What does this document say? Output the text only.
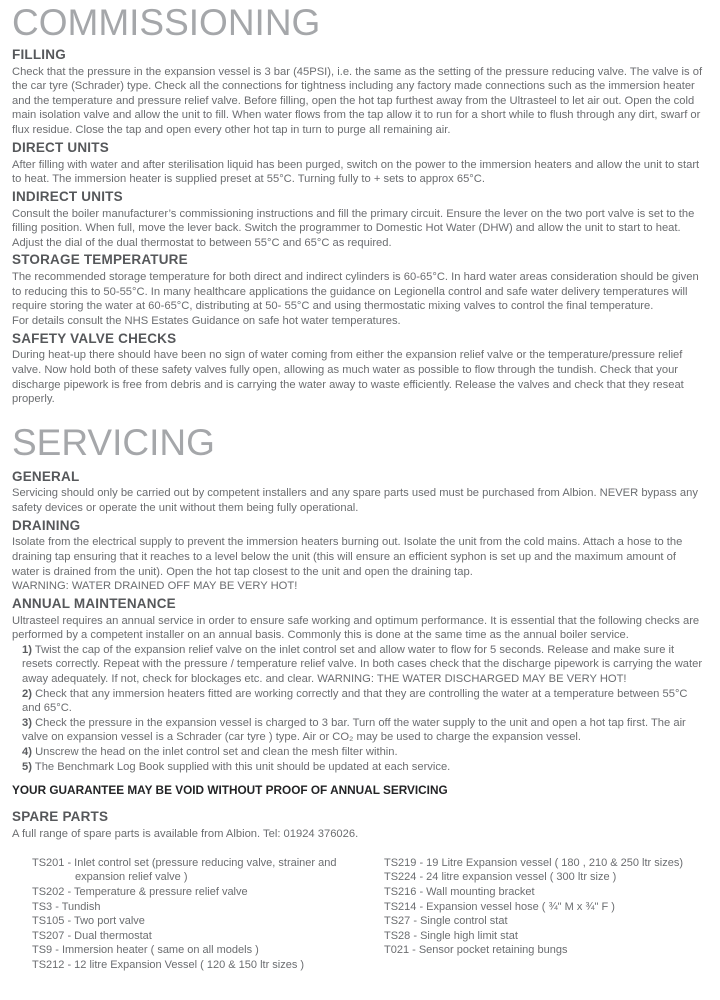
COMMISSIONING
FILLING

Check that the pressure in the expansion vessel is 3 bar (45PSI), i.e. the same as the setting of the pressure reducing valve. The valve is of the car tyre (Schrader) type. Check all the connections for tightness including any factory made connections such as the immersion heater and the temperature and pressure relief valve. Before filling, open the hot tap furthest away from the Ultrasteel to let air out. Open the cold main isolation valve and allow the unit to fill. When water flows from the tap allow it to run for a short while to flush through any dirt, swarf or flux residue. Close the tap and open every other hot tap in turn to purge all remaining air.

DIRECT UNITS

After filling with water and after sterilisation liquid has been purged, switch on the power to the immersion heaters and allow the unit to start to heat. The immersion heater is supplied preset at 55°C. Turning fully to + sets to approx 65°C.

INDIRECT UNITS

Consult the boiler manufacturer’s commissioning instructions and fill the primary circuit. Ensure the lever on the two port valve is set to the filling position. When full, move the lever back. Switch the programmer to Domestic Hot Water (DHW) and allow the unit to start to heat. Adjust the dial of the dual thermostat to between 55°C and 65°C as required.

STORAGE TEMPERATURE

The recommended storage temperature for both direct and indirect cylinders is 60-65°C. In hard water areas consideration should be given to reducing this to 50-55°C. In many healthcare applications the guidance on Legionella control and safe water delivery temperatures will require storing the water at 60-65°C, distributing at 50- 55°C and using thermostatic mixing valves to control the final temperature.

For details consult the NHS Estates Guidance on safe hot water temperatures.

SAFETY VALVE CHECKS

During heat-up there should have been no sign of water coming from either the expansion relief valve or the temperature/pressure relief valve. Now hold both of these safety valves fully open, allowing as much water as possible to flow through the tundish. Check that your discharge pipework is free from debris and is carrying the water away to waste efficiently. Release the valves and check that they reseat properly.

SERVICING
GENERAL

Servicing should only be carried out by competent installers and any spare parts used must be purchased from Albion. NEVER bypass any safety devices or operate the unit without them being fully operational.

DRAINING

Isolate from the electrical supply to prevent the immersion heaters burning out. Isolate the unit from the cold mains. Attach a hose to the draining tap ensuring that it reaches to a level below the unit (this will ensure an efficient syphon is set up and the maximum amount of water is drained from the unit). Open the hot tap closest to the unit and open the draining tap.

WARNING: WATER DRAINED OFF MAY BE VERY HOT!

ANNUAL MAINTENANCE

Ultrasteel requires an annual service in order to ensure safe working and optimum performance. It is essential that the following checks are performed by a competent installer on an annual basis. Commonly this is done at the same time as the annual boiler service.

1) Twist the cap of the expansion relief valve on the inlet control set and allow water to flow for 5 seconds. Release and make sure it resets correctly. Repeat with the pressure / temperature relief valve. In both cases check that the discharge pipework is carrying the water away adequately. If not, check for blockages etc. and clear. WARNING: THE WATER DISCHARGED MAY BE VERY HOT!

2) Check that any immersion heaters fitted are working correctly and that they are controlling the water at a temperature between 55°C and 65°C.

3) Check the pressure in the expansion vessel is charged to 3 bar. Turn off the water supply to the unit and open a hot tap first. The air valve on expansion vessel is a Schrader (car tyre ) type. Air or CO₂ may be used to charge the expansion vessel.

4) Unscrew the head on the inlet control set and clean the mesh filter within.

5) The Benchmark Log Book supplied with this unit should be updated at each service.

YOUR GUARANTEE MAY BE VOID WITHOUT PROOF OF ANNUAL SERVICING

SPARE PARTS

A full range of spare parts is available from Albion. Tel: 01924 376026.

TS201 - Inlet control set (pressure reducing valve, strainer and expansion relief valve )

TS202 - Temperature & pressure relief valve

TS3 - Tundish

TS105 - Two port valve

TS207 - Dual thermostat

TS9 - Immersion heater ( same on all models )

TS212 - 12 litre Expansion Vessel ( 120 & 150 ltr sizes )

TS219 - 19 Litre Expansion vessel ( 180 , 210 & 250 ltr sizes)

TS224 - 24 litre expansion vessel ( 300 ltr size )

TS216 - Wall mounting bracket

TS214 - Expansion vessel hose ( ¾" M x ¾" F )

TS27 - Single control stat

TS28 - Single high limit stat

T021 - Sensor pocket retaining bungs
